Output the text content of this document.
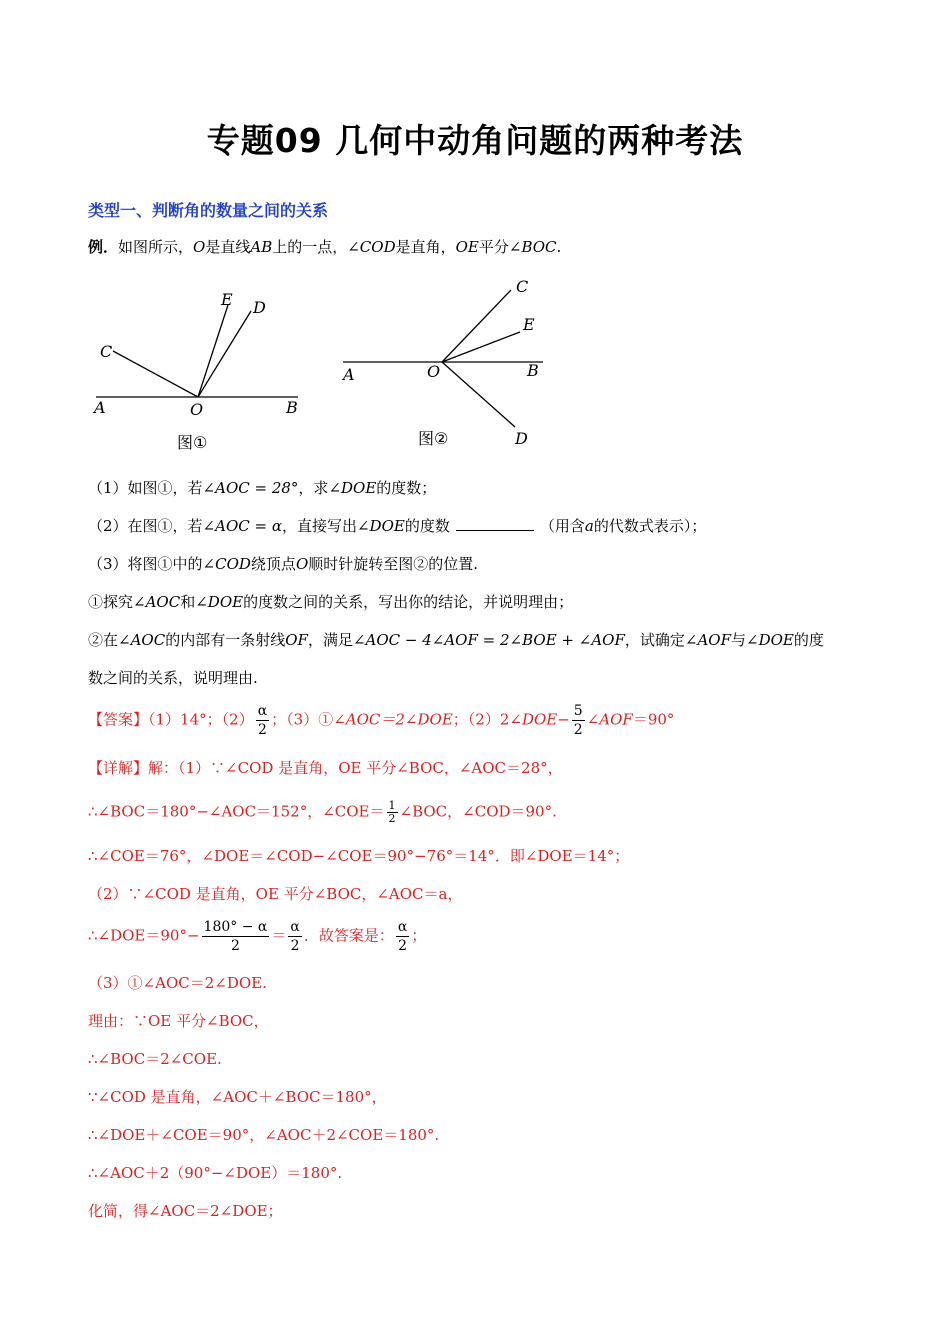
专题09 几何中动角问题的两种考法
类型一、判断角的数量之间的关系
例．如图所示，O是直线AB上的一点，∠COD是直角，OE平分∠BOC.
A	B
C
E D
O
图①
A	B
C
E
D
O
图②
（1）如图①，若∠AOC = 28°，求∠DOE的度数；
（2）在图①，若∠AOC = α，直接写出∠DOE的度数	（用含a的代数式表示）；
（3）将图①中的∠COD绕顶点O顺时针旋转至图②的位置.
①探究∠AOC和∠DOE的度数之间的关系，写出你的结论，并说明理由；
②在∠AOC的内部有一条射线OF，满足∠AOC − 4∠AOF = 2∠BOE + ∠AOF，试确定∠AOF与∠DOE的度
数之间的关系，说明理由.
【答案】（1）14°；$(2) \frac{\alpha}{2}$ ；（3）①∠AOC＝2∠DOE；（2）2∠DOE− $\frac{5}{2}$ ∠AOF＝90°
【详解】解：（1）∵∠COD 是直角，OE 平分∠BOC，∠AOC＝28°，
∴∠BOC＝180°−∠AOC＝152°，∠COE＝ $\frac{1}{2}$ ∠BOC，∠COD＝90°.
∴∠COE＝76°，∠DOE＝∠COD−∠COE＝90°−76°＝14°．即∠DOE＝14°；
（2）∵∠COD 是直角，OE 平分∠BOC，∠AOC＝a，
∴∠DOE＝90°− $\frac{180^\circ - \alpha}{2} = \frac{\alpha}{2}$ ．故答案是： $\frac{\alpha}{2}$ ；
（3）①∠AOC＝2∠DOE.
理由：∵OE 平分∠BOC，
∴∠BOC＝2∠COE.
∵∠COD 是直角，∠AOC＋∠BOC＝180°，
∴∠DOE＋∠COE＝90°，∠AOC＋2∠COE＝180°.
∴∠AOC＋2（90°−∠DOE）＝180°.
化简，得∠AOC＝2∠DOE；
